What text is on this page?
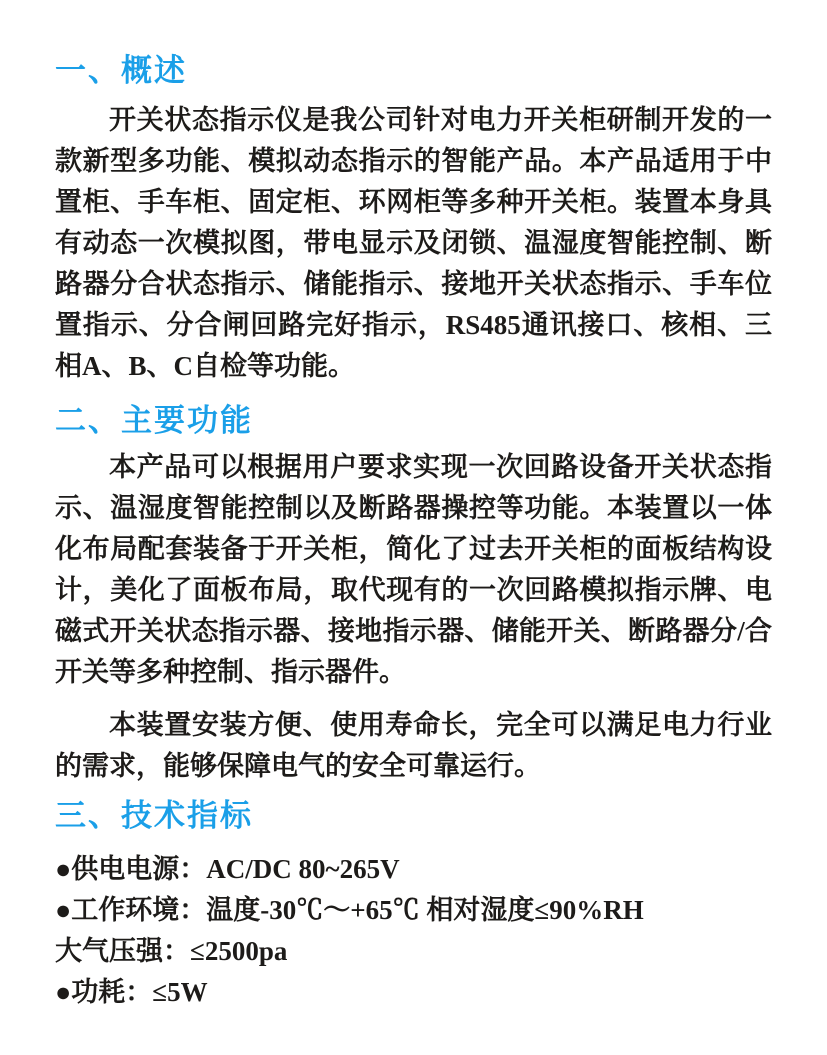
一、概述

开关状态指示仪是我公司针对电力开关柜研制开发的一款新型多功能、模拟动态指示的智能产品。本产品适用于中置柜、手车柜、固定柜、环网柜等多种开关柜。装置本身具有动态一次模拟图，带电显示及闭锁、温湿度智能控制、断路器分合状态指示、储能指示、接地开关状态指示、手车位置指示、分合闸回路完好指示，RS485通讯接口、核相、三相A、B、C自检等功能。

二、主要功能

本产品可以根据用户要求实现一次回路设备开关状态指示、温湿度智能控制以及断路器操控等功能。本装置以一体化布局配套装备于开关柜，简化了过去开关柜的面板结构设计，美化了面板布局，取代现有的一次回路模拟指示牌、电磁式开关状态指示器、接地指示器、储能开关、断路器分/合开关等多种控制、指示器件。

本装置安装方便、使用寿命长，完全可以满足电力行业的需求，能够保障电气的安全可靠运行。

三、技术指标

●供电电源：AC/DC 80~265V

●工作环境：温度-30℃～+65℃ 相对湿度≤90%RH

大气压强：≤2500pa

●功耗：≤5W
